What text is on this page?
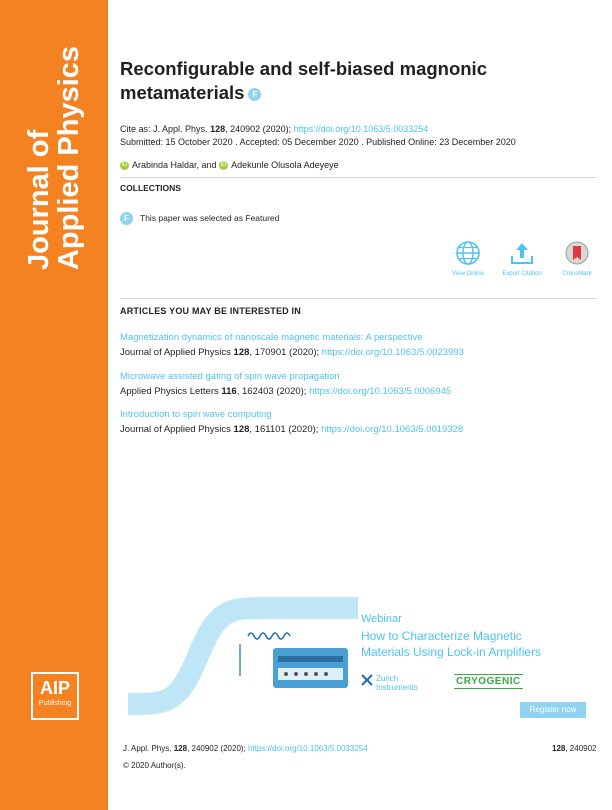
Journal of
Applied Physics
AIP
Publishing
Reconfigurable and self-biased magnonic
metamaterials F
Cite as: J. Appl. Phys. 128, 240902 (2020); https://doi.org/10.1063/5.0033254
Submitted: 15 October 2020 . Accepted: 05 December 2020 . Published Online: 23 December 2020
iD Arabinda Haldar, and iD Adekunle Olusola Adeyeye
COLLECTIONS
F This paper was selected as Featured
View Online	Export Citation	CrossMark
ARTICLES YOU MAY BE INTERESTED IN
Magnetization dynamics of nanoscale magnetic materials: A perspective
Journal of Applied Physics 128, 170901 (2020); https://doi.org/10.1063/5.0023993
Microwave assisted gating of spin wave propagation
Applied Physics Letters 116, 162403 (2020); https://doi.org/10.1063/5.0006945
Introduction to spin wave computing
Journal of Applied Physics 128, 161101 (2020); https://doi.org/10.1063/5.0019328
Webinar
How to Characterize Magnetic
Materials Using Lock-in Amplifiers
Zurich
Instruments
CRYOGENIC
Register now
J. Appl. Phys. 128, 240902 (2020); https://doi.org/10.1063/5.0033254	128, 240902
© 2020 Author(s).
